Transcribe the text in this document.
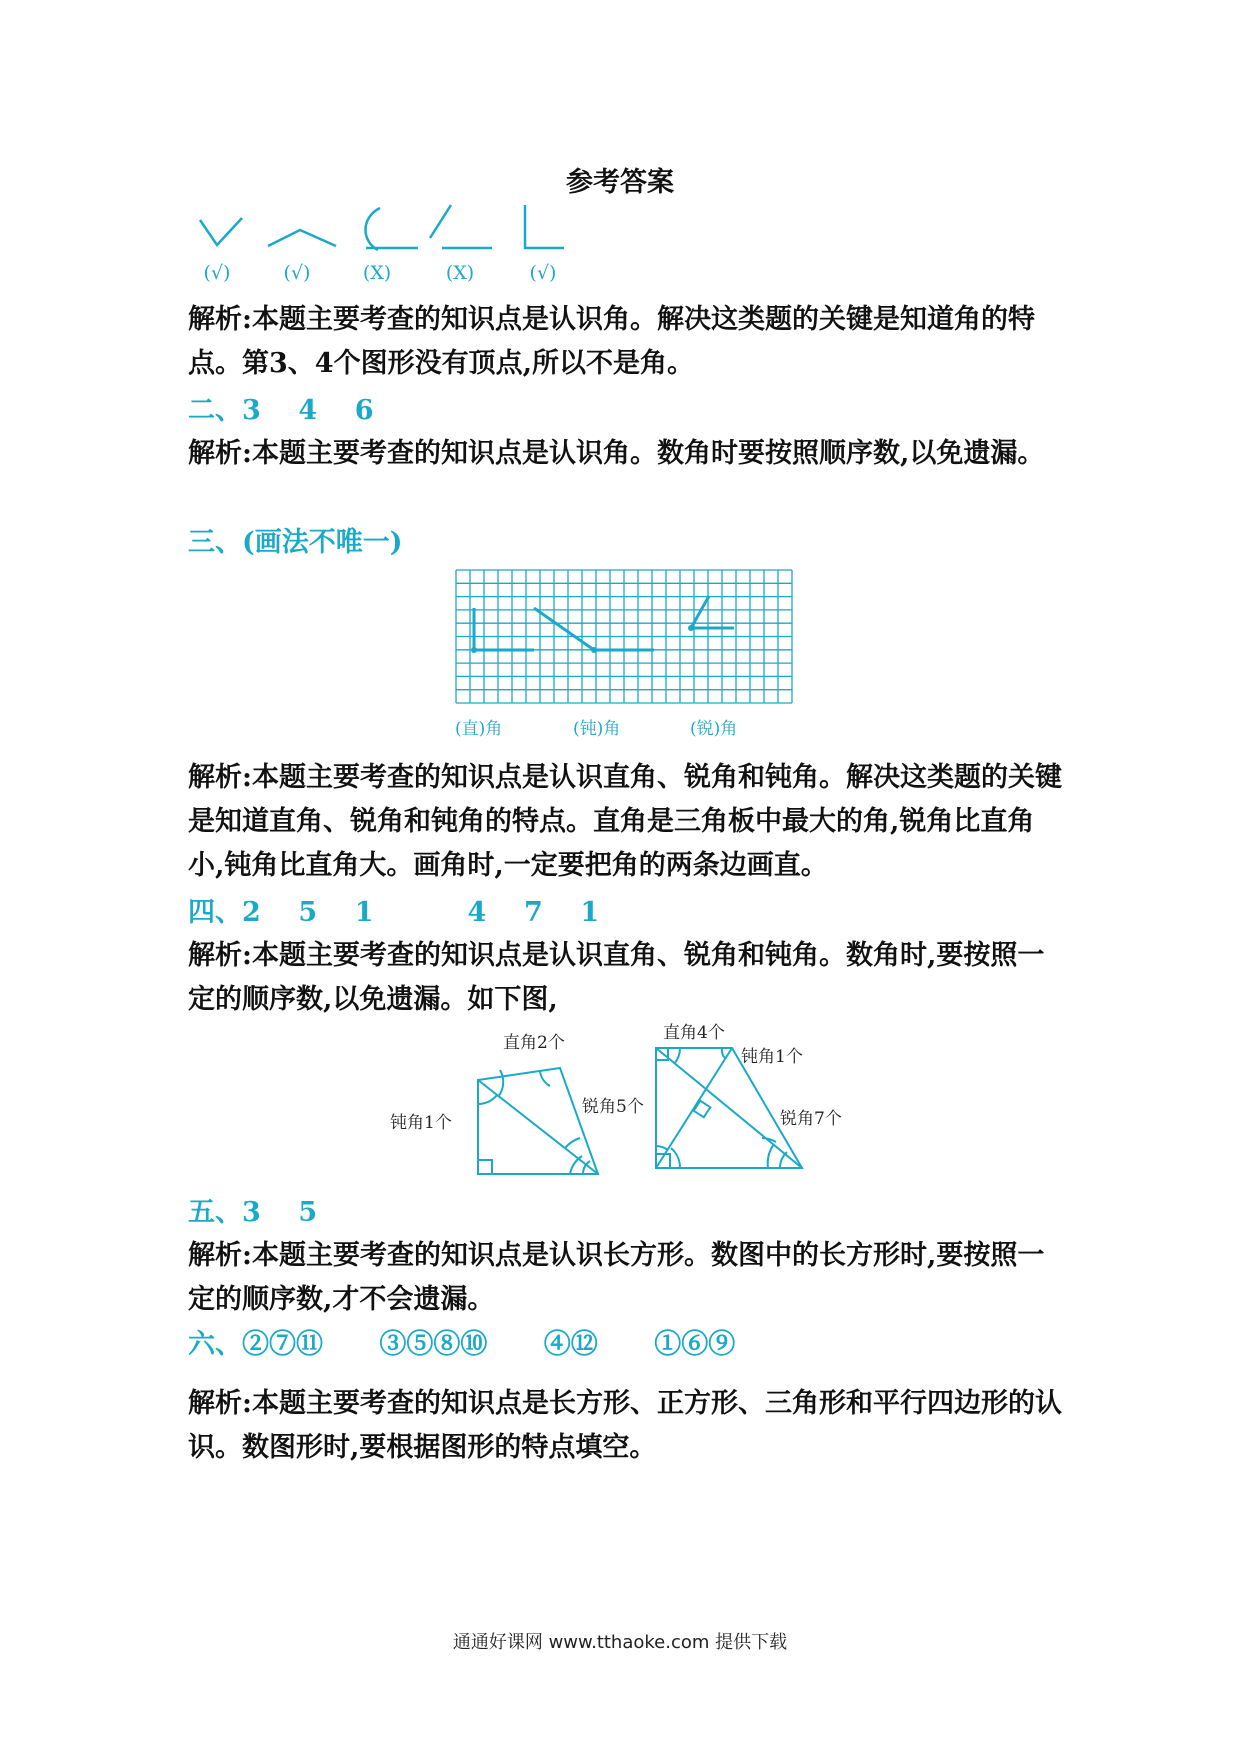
参考答案
(√)	(√)	(X)	(X)	(√)
解析:本题主要考查的知识点是认识角。解决这类题的关键是知道角的特点。第3、4个图形没有顶点,所以不是角。
二、3    4    6
解析:本题主要考查的知识点是认识角。数角时要按照顺序数,以免遗漏。
三、(画法不唯一)
(直)角	(钝)角	(锐)角
解析:本题主要考查的知识点是认识直角、锐角和钝角。解决这类题的关键是知道直角、锐角和钝角的特点。直角是三角板中最大的角,锐角比直角小,钝角比直角大。画角时,一定要把角的两条边画直。
四、2    5    1          4    7    1
解析:本题主要考查的知识点是认识直角、锐角和钝角。数角时,要按照一定的顺序数,以免遗漏。如下图,
直角2个
钝角1个
锐角5个
直角4个
钝角1个
锐角7个
五、3    5
解析:本题主要考查的知识点是认识长方形。数图中的长方形时,要按照一定的顺序数,才不会遗漏。
六、②⑦⑪      ③⑤⑧⑩      ④⑫      ①⑥⑨
解析:本题主要考查的知识点是长方形、正方形、三角形和平行四边形的认识。数图形时,要根据图形的特点填空。
通通好课网 www.tthaoke.com 提供下载
